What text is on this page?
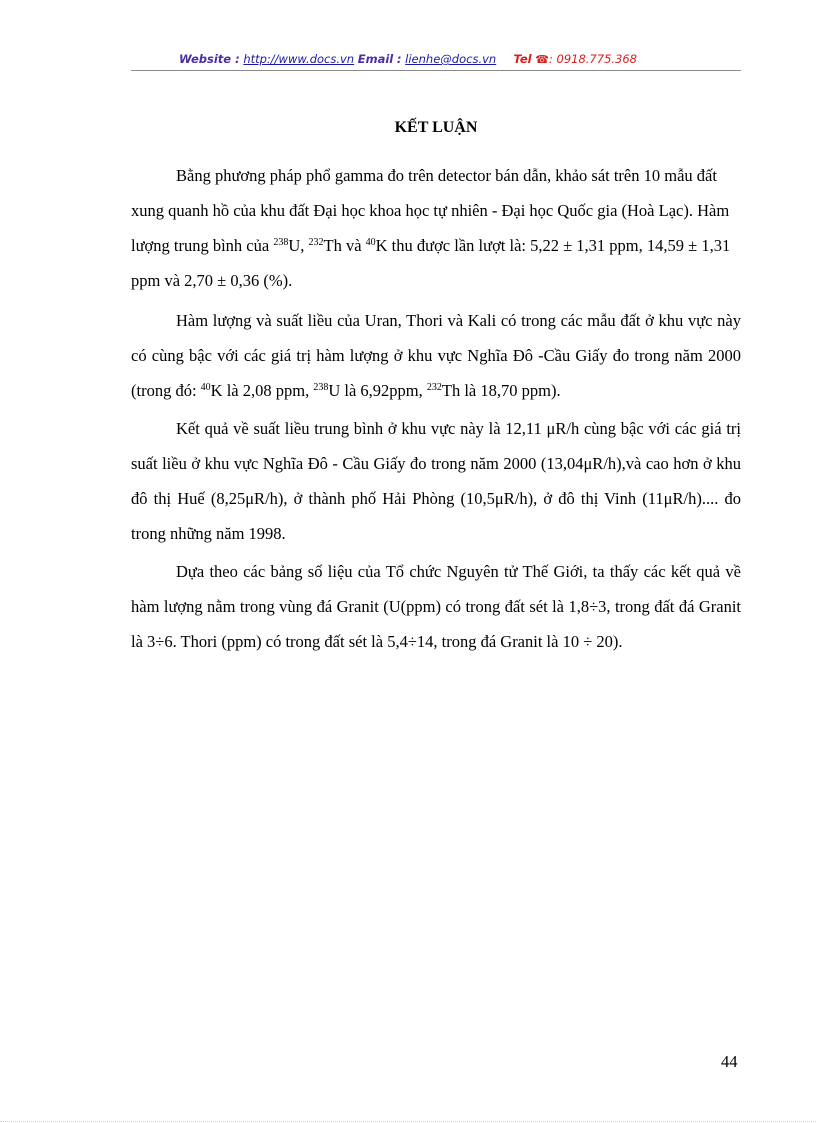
Website : http://www.docs.vn Email : lienhe@docs.vn Tel ☎: 0918.775.368
KẾT LUẬN

Bằng phương pháp phổ gamma đo trên detector bán dẫn, khảo sát trên 10 mẫu đất xung quanh hồ của khu đất Đại học khoa học tự nhiên - Đại học Quốc gia (Hoà Lạc). Hàm lượng trung bình của $^{238}$U, $^{232}$Th và $^{40}$K thu được lần lượt là: 5,22 ± 1,31 ppm, 14,59 ± 1,31 ppm và 2,70 ± 0,36 (%).

Hàm lượng và suất liều của Uran, Thori và Kali có trong các mẫu đất ở khu vực này có cùng bậc với các giá trị hàm lượng ở khu vực Nghĩa Đô -Cầu Giấy đo trong năm 2000 (trong đó: $^{40}$K là 2,08 ppm, $^{238}$U là 6,92ppm, $^{232}$Th là 18,70 ppm).

Kết quả về suất liều trung bình ở khu vực này là 12,11 μR/h cùng bậc với các giá trị suất liều ở khu vực Nghĩa Đô - Cầu Giấy đo trong năm 2000 (13,04μR/h),và cao hơn ở khu đô thị Huế (8,25μR/h), ở thành phố Hải Phòng (10,5μR/h), ở đô thị Vinh (11μR/h).... đo trong những năm 1998.

Dựa theo các bảng số liệu của Tổ chức Nguyên tử Thế Giới, ta thấy các kết quả về hàm lượng nằm trong vùng đá Granit (U(ppm) có trong đất sét là 1,8÷3, trong đất đá Granit là 3÷6. Thori (ppm) có trong đất sét là 5,4÷14, trong đá Granit là 10 ÷ 20).

44
